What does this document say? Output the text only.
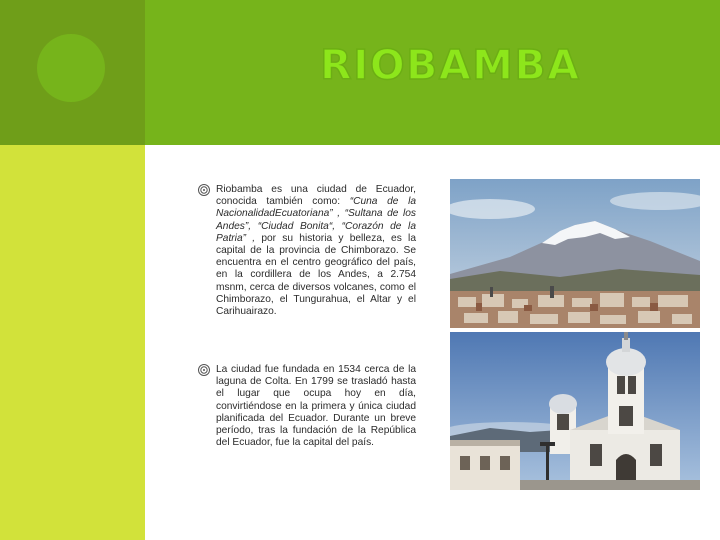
RIOBAMBA
Riobamba es una ciudad de Ecuador, conocida también como: “Cuna de la NacionalidadEcuatoriana” , “Sultana de los Andes”, “Ciudad Bonita“, “Corazón de la Patria” , por su historia y belleza, es la capital de la provincia de Chimborazo. Se encuentra en el centro geográfico del país, en la cordillera de los Andes, a 2.754 msnm, cerca de diversos volcanes, como el Chimborazo, el Tungurahua, el Altar y el Carihuairazo.
La ciudad fue fundada en 1534 cerca de la laguna de Colta. En 1799 se trasladó hasta el lugar que ocupa hoy en día, convirtiéndose en la primera y única ciudad planificada del Ecuador. Durante un breve período, tras la fundación de la República del Ecuador, fue la capital del país.
